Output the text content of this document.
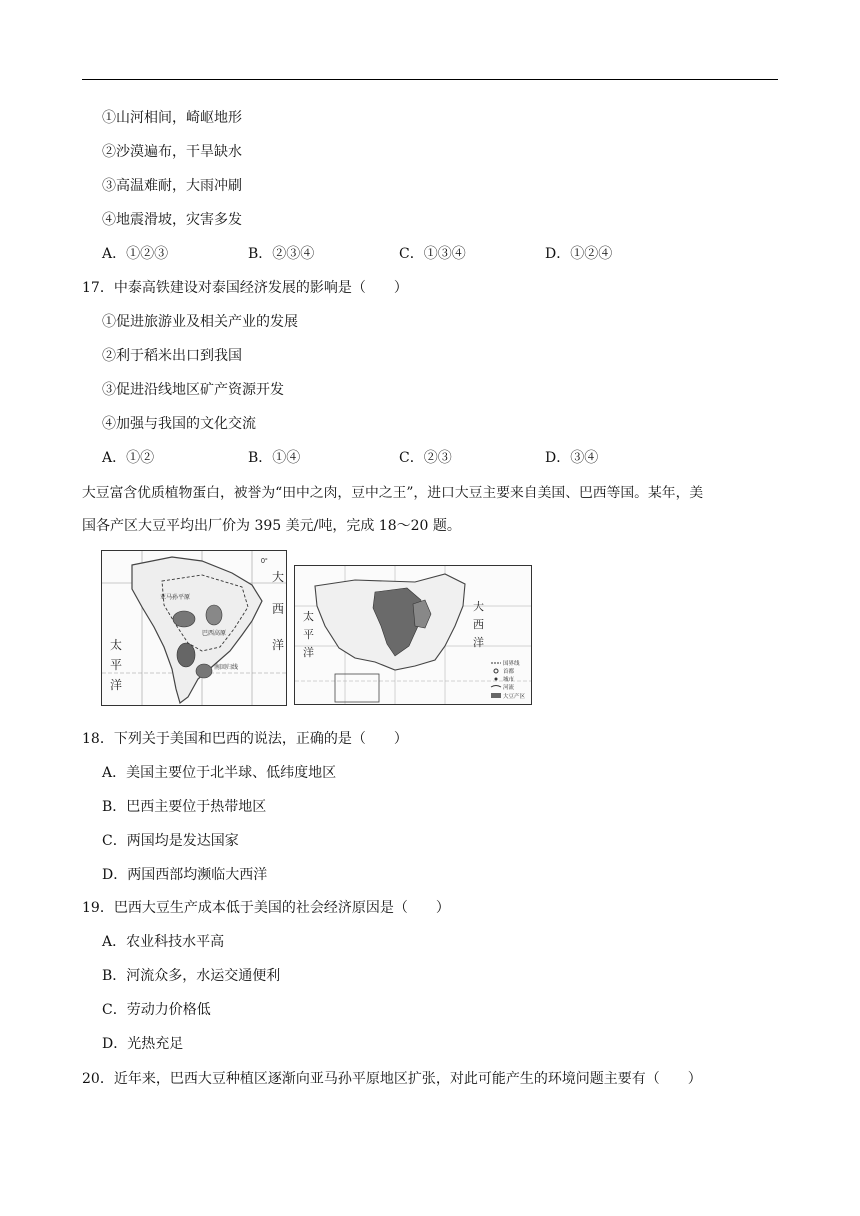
①山河相间，崎岖地形
②沙漠遍布，干旱缺水
③高温难耐，大雨冲刷
④地震滑坡，灾害多发
A．①②③	B．②③④	C．①③④	D．①②④
17．中泰高铁建设对泰国经济发展的影响是（　　）
①促进旅游业及相关产业的发展
②利于稻米出口到我国
③促进沿线地区矿产资源开发
④加强与我国的文化交流
A．①②	B．①④	C．②③	D．③④
大豆富含优质植物蛋白，被誉为“田中之肉，豆中之王”，进口大豆主要来自美国、巴西等国。某年，美
国各产区大豆平均出厂价为 395 美元/吨，完成 18～20 题。
0°
大
西
洋
太
平
洋
巴西高原
亚马孙平原
南回归线
太
平
洋
大
西
洋
国界线
首都
城市
河流
大豆产区
18．下列关于美国和巴西的说法，正确的是（　　）
A．美国主要位于北半球、低纬度地区
B．巴西主要位于热带地区
C．两国均是发达国家
D．两国西部均濒临大西洋
19．巴西大豆生产成本低于美国的社会经济原因是（　　）
A．农业科技水平高
B．河流众多，水运交通便利
C．劳动力价格低
D．光热充足
20．近年来，巴西大豆种植区逐渐向亚马孙平原地区扩张，对此可能产生的环境问题主要有（　　）
